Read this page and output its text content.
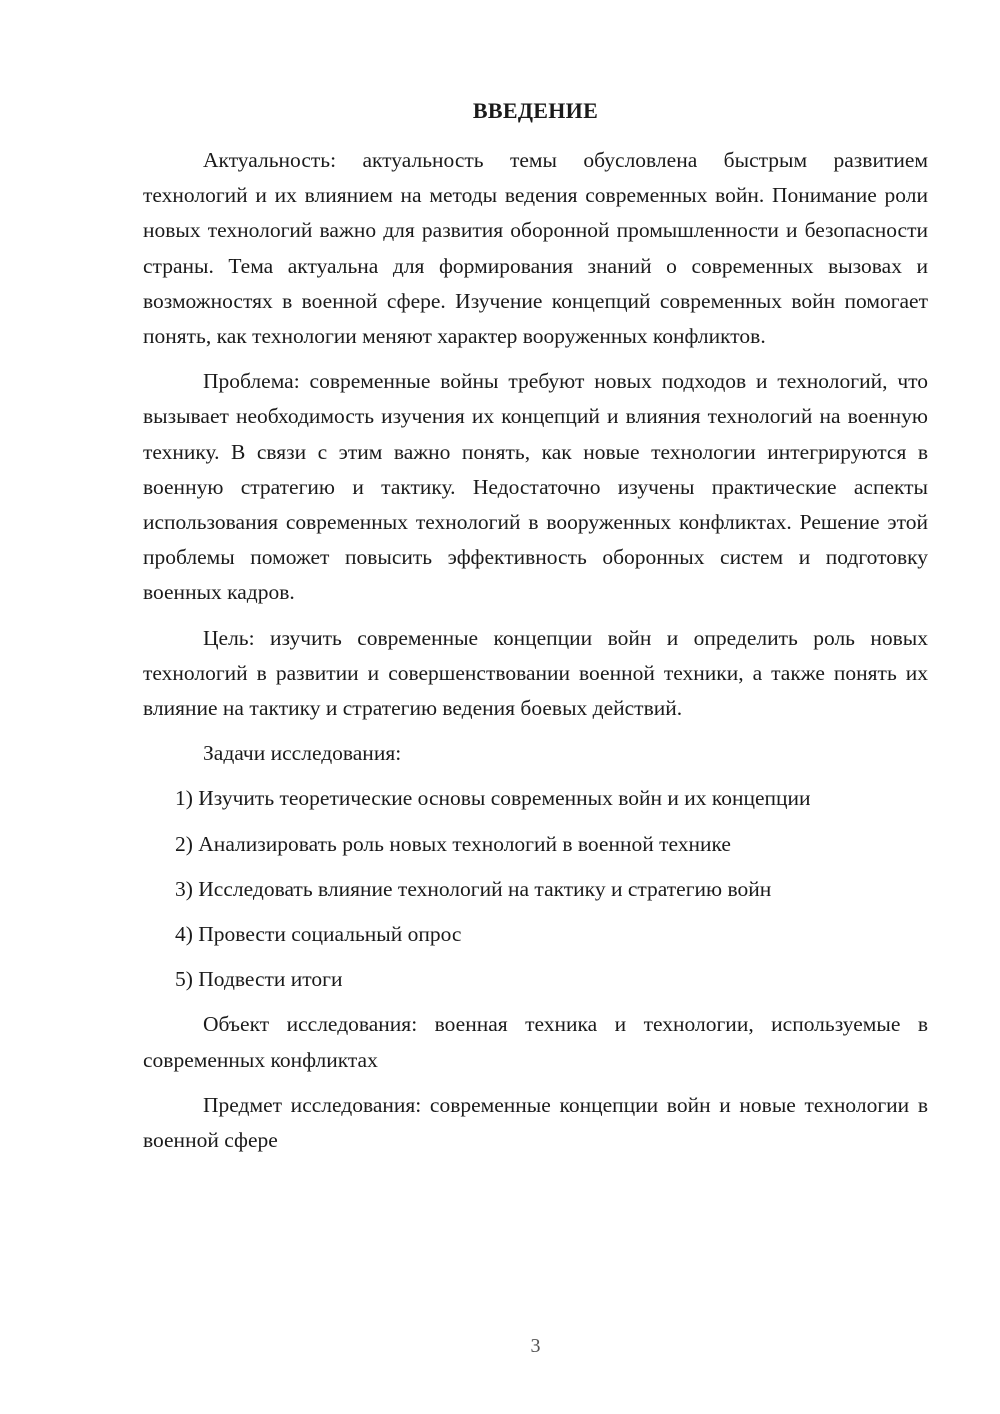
ВВЕДЕНИЕ

Актуальность: актуальность темы обусловлена быстрым развитием технологий и их влиянием на методы ведения современных войн. Понимание роли новых технологий важно для развития оборонной промышленности и безопасности страны. Тема актуальна для формирования знаний о современных вызовах и возможностях в военной сфере. Изучение концепций современных войн помогает понять, как технологии меняют характер вооруженных конфликтов.

Проблема: современные войны требуют новых подходов и технологий, что вызывает необходимость изучения их концепций и влияния технологий на военную технику. В связи с этим важно понять, как новые технологии интегрируются в военную стратегию и тактику. Недостаточно изучены практические аспекты использования современных технологий в вооруженных конфликтах. Решение этой проблемы поможет повысить эффективность оборонных систем и подготовку военных кадров.

Цель: изучить современные концепции войн и определить роль новых технологий в развитии и совершенствовании военной техники, а также понять их влияние на тактику и стратегию ведения боевых действий.

Задачи исследования:

1) Изучить теоретические основы современных войн и их концепции
2) Анализировать роль новых технологий в военной технике
3) Исследовать влияние технологий на тактику и стратегию войн
4) Провести социальный опрос
5) Подвести итоги

Объект исследования: военная техника и технологии, используемые в современных конфликтах

Предмет исследования: современные концепции войн и новые технологии в военной сфере

3
